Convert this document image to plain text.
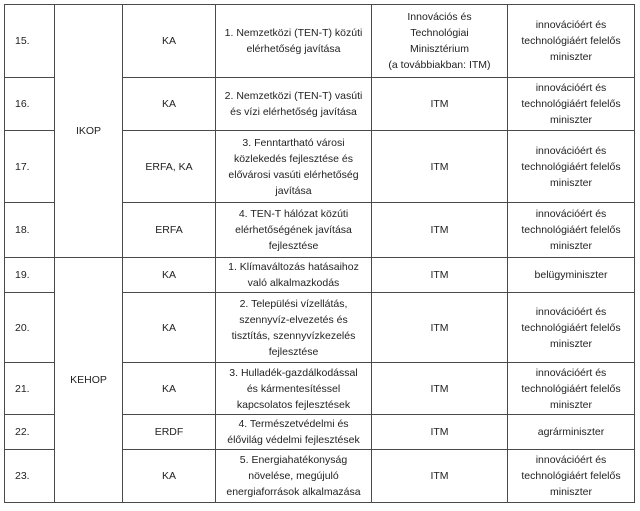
15.	IKOP	KA	1. Nemzetközi (TEN-T) közúti
elérhetőség javítása	Innovációs és
Technológiai
Minisztérium
(a továbbiakban: ITM)	innovációért és
technológiáért felelős
miniszter
16.		KA	2. Nemzetközi (TEN-T) vasúti
és vízi elérhetőség javítása	ITM	innovációért és
technológiáért felelős
miniszter
17.		ERFA, KA	3. Fenntartható városi
közlekedés fejlesztése és
elővárosi vasúti elérhetőség
javítása	ITM	innovációért és
technológiáért felelős
miniszter
18.		ERFA	4. TEN-T hálózat közúti
elérhetőségének javítása
fejlesztése	ITM	innovációért és
technológiáért felelős
miniszter
19.	KEHOP	KA	1. Klímaváltozás hatásaihoz
való alkalmazkodás	ITM	belügyminiszter
20.		KA	2. Települési vízellátás,
szennyvíz-elvezetés és
tisztítás, szennyvízkezelés
fejlesztése	ITM	innovációért és
technológiáért felelős
miniszter
21.		KA	3. Hulladék-gazdálkodással
és kármentesítéssel
kapcsolatos fejlesztések	ITM	innovációért és
technológiáért felelős
miniszter
22.		ERDF	4. Természetvédelmi és
élővilág védelmi fejlesztések	ITM	agrárminiszter
23.		KA	5. Energiahatékonyság
növelése, megújuló
energiaforrások alkalmazása	ITM	innovációért és
technológiáért felelős
miniszter
